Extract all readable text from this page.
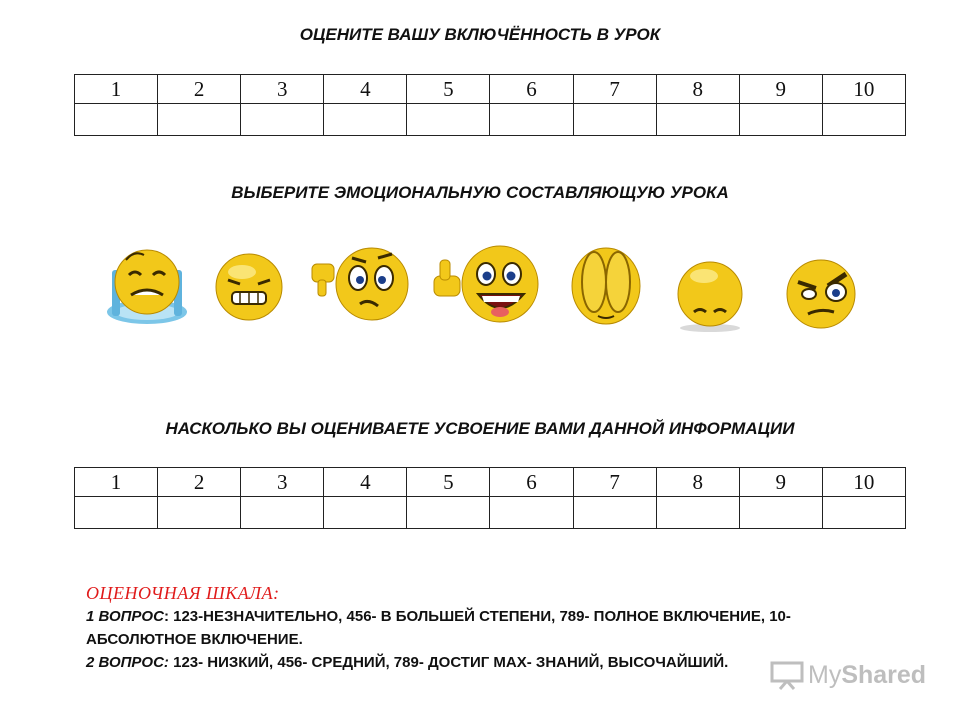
ОЦЕНИТЕ ВАШУ ВКЛЮЧЁННОСТЬ В УРОК
1	2	3	4	5	6	7	8	9	10

ВЫБЕРИТЕ ЭМОЦИОНАЛЬНУЮ СОСТАВЛЯЮЩУЮ УРОКА
НАСКОЛЬКО ВЫ ОЦЕНИВАЕТЕ УСВОЕНИЕ ВАМИ ДАННОЙ ИНФОРМАЦИИ
1	2	3	4	5	6	7	8	9	10

ОЦЕНОЧНАЯ ШКАЛА:
1 ВОПРОС: 123-НЕЗНАЧИТЕЛЬНО, 456- В БОЛЬШЕЙ СТЕПЕНИ, 789- ПОЛНОЕ ВКЛЮЧЕНИЕ, 10-АБСОЛЮТНОЕ ВКЛЮЧЕНИЕ.
2 ВОПРОС: 123- НИЗКИЙ, 456- СРЕДНИЙ, 789- ДОСТИГ MAX- ЗНАНИЙ, ВЫСОЧАЙШИЙ.	MyShared
